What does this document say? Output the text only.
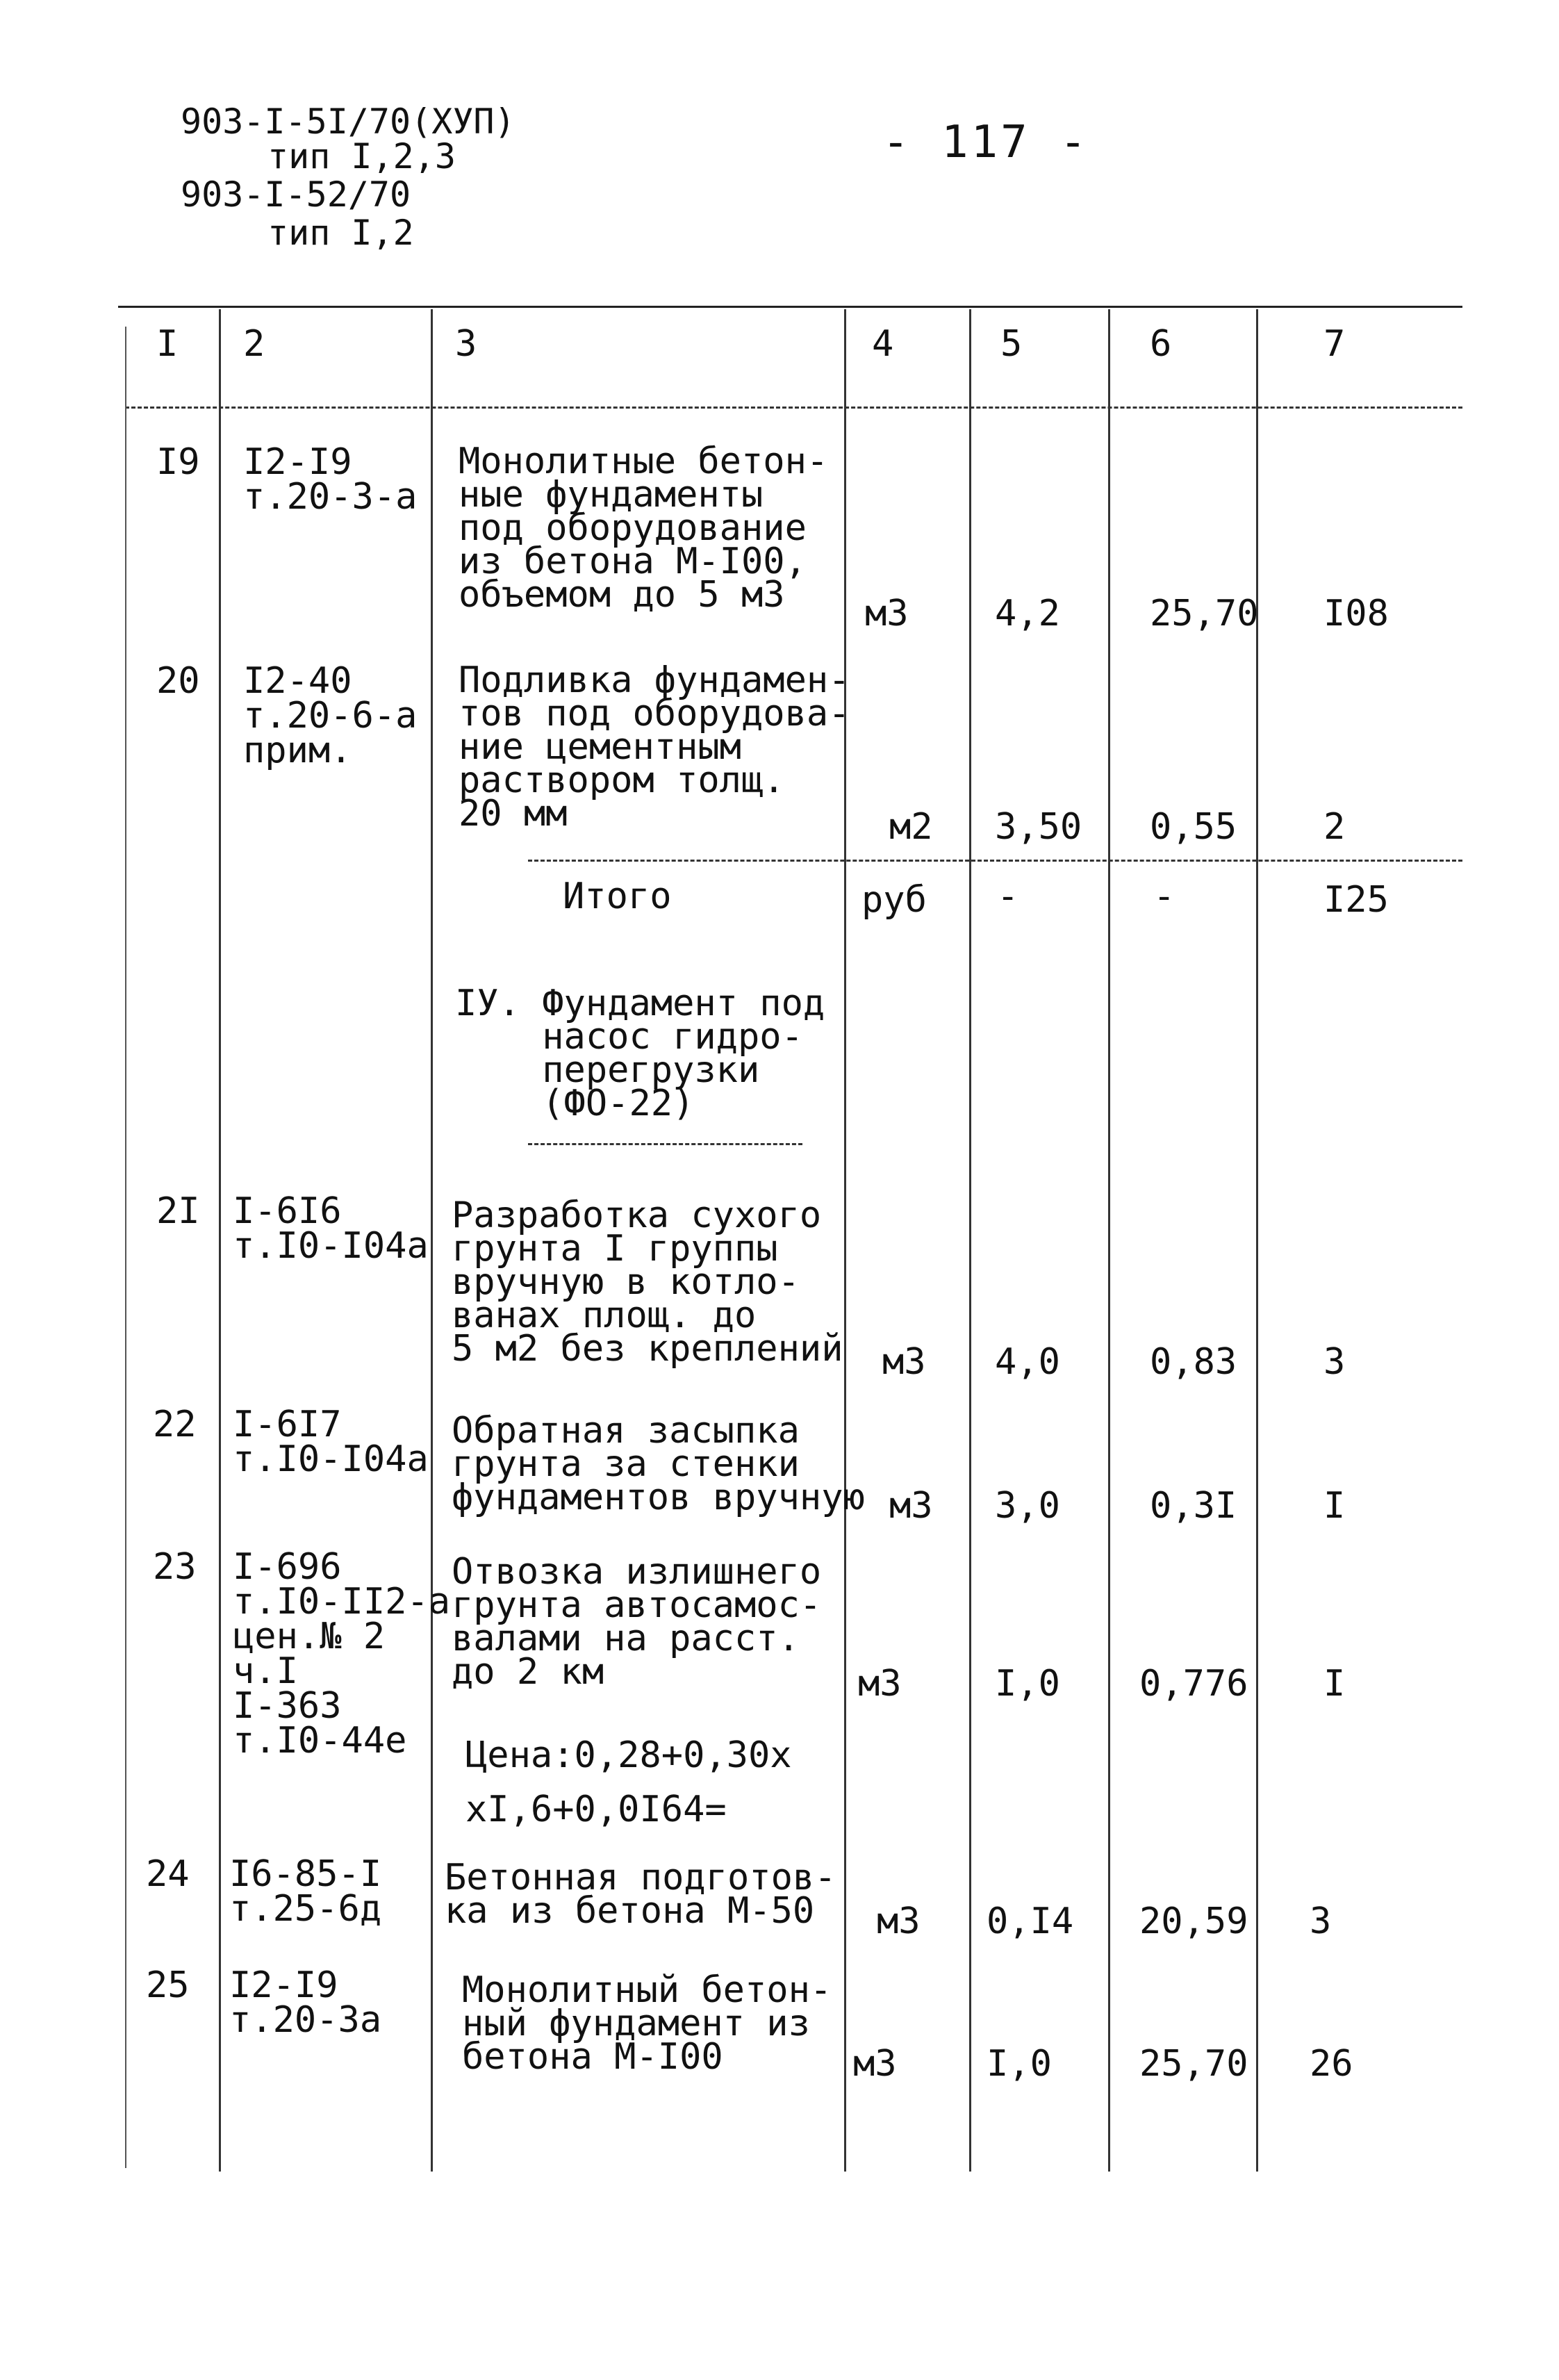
903-I-5I/70(XУП)
тип I,2,3
903-I-52/70
тип I,2
- 117 -
I 2	3	4	5	6	7
I9 I2-I9
т.20-3-а
Монолитные бетон-
ные фундаменты
под оборудование
из бетона М-I00,
объемом до 5 м3	м3 4,2 25,70 I08
20 I2-40
т.20-6-а
прим.
Подливка фундамен-
тов под оборудова-
ние цементным
раствором толщ.
20 мм	м2 3,50 0,55 2
Итого	руб -	-	I25
IУ. Фундамент под
насос гидро-
перегрузки
(ФО-22)
2I I-6I6
т.I0-I04а
Разработка сухого
грунта I группы
вручную в котло-
ванах площ. до
5 м2 без креплений м3 4,0 0,83 3
22 I-6I7
т.I0-I04а
Обратная засыпка
грунта за стенки
фундаментов вручную м3 3,0 0,3I I
23 I-696
т.I0-II2-а
цен.№ 2
ч.I
I-363
т.I0-44е
Отвозка излишнего
грунта автосамос-
валами на расст.
до 2 км	м3	I,0 0,776 I
Цена:0,28+0,30х
хI,6+0,0I64=
24 I6-85-I
т.25-6д
Бетонная подготов-
ка из бетона М-50	м3 0,I4 20,59 3
25 I2-I9
т.20-3а
Монолитный бетон-
ный фундамент из
бетона М-I00	м3 I,0 25,70 26
